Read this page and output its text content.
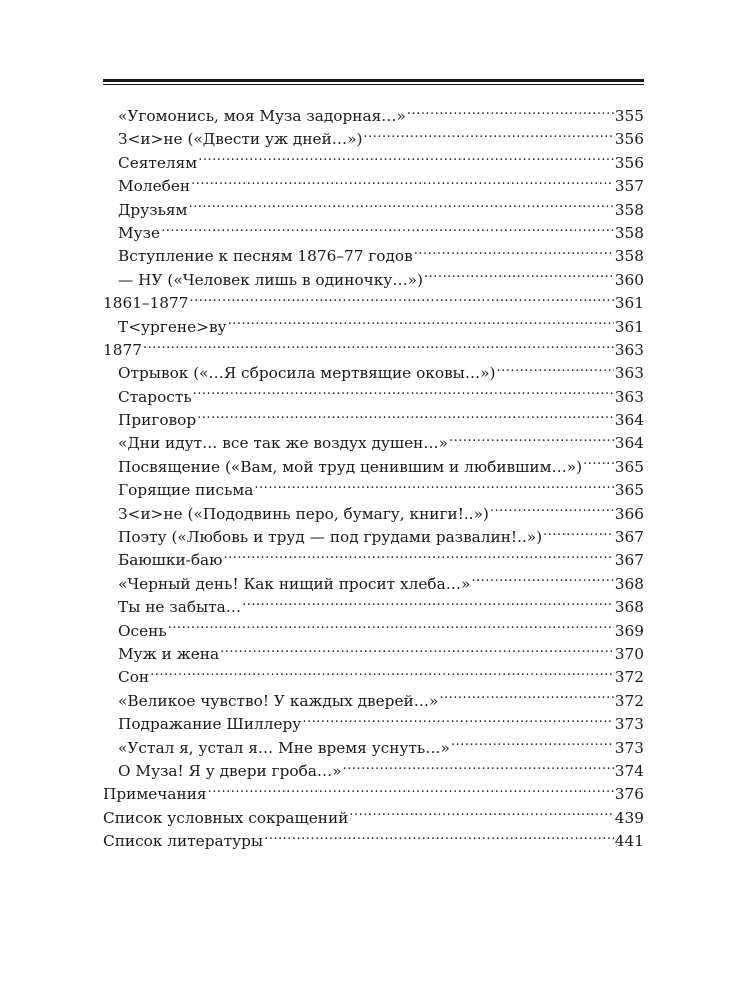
«Угомонись, моя Муза задорная…» .....	355
З<и>не («Двести уж дней…») .....	356
Сеятелям .....	356
Молебен .....	357
Друзьям .....	358
Музе .....	358
Вступление к песням 1876–77 годов .....	358
— НУ («Человек лишь в одиночку…») .....	360
1861–1877 .....	361
Т<ургене>ву .....	361
1877 .....	363
Отрывок («…Я сбросила мертвящие оковы…») .....	363
Старость .....	363
Приговор .....	364
«Дни идут… все так же воздух душен…» .....	364
Посвящение («Вам, мой труд ценившим и любившим…») ..... 365
Горящие письма .....	365
З<и>не («Пододвинь перо, бумагу, книги!..») .....	366
Поэту («Любовь и труд — под грудами развалин!..») .....	367
Баюшки-баю .....	367
«Черный день! Как нищий просит хлеба…» .....	368
Ты не забыта… .....	368
Осень .....	369
Муж и жена .....	370
Сон .....	372
«Великое чувство! У каждых дверей…» .....	372
Подражание Шиллеру .....	373
«Устал я, устал я… Мне время уснуть…» .....	373
О Муза! Я у двери гроба…» .....	374
Примечания .....	376
Список условных сокращений .....	439
Список литературы .....	441
